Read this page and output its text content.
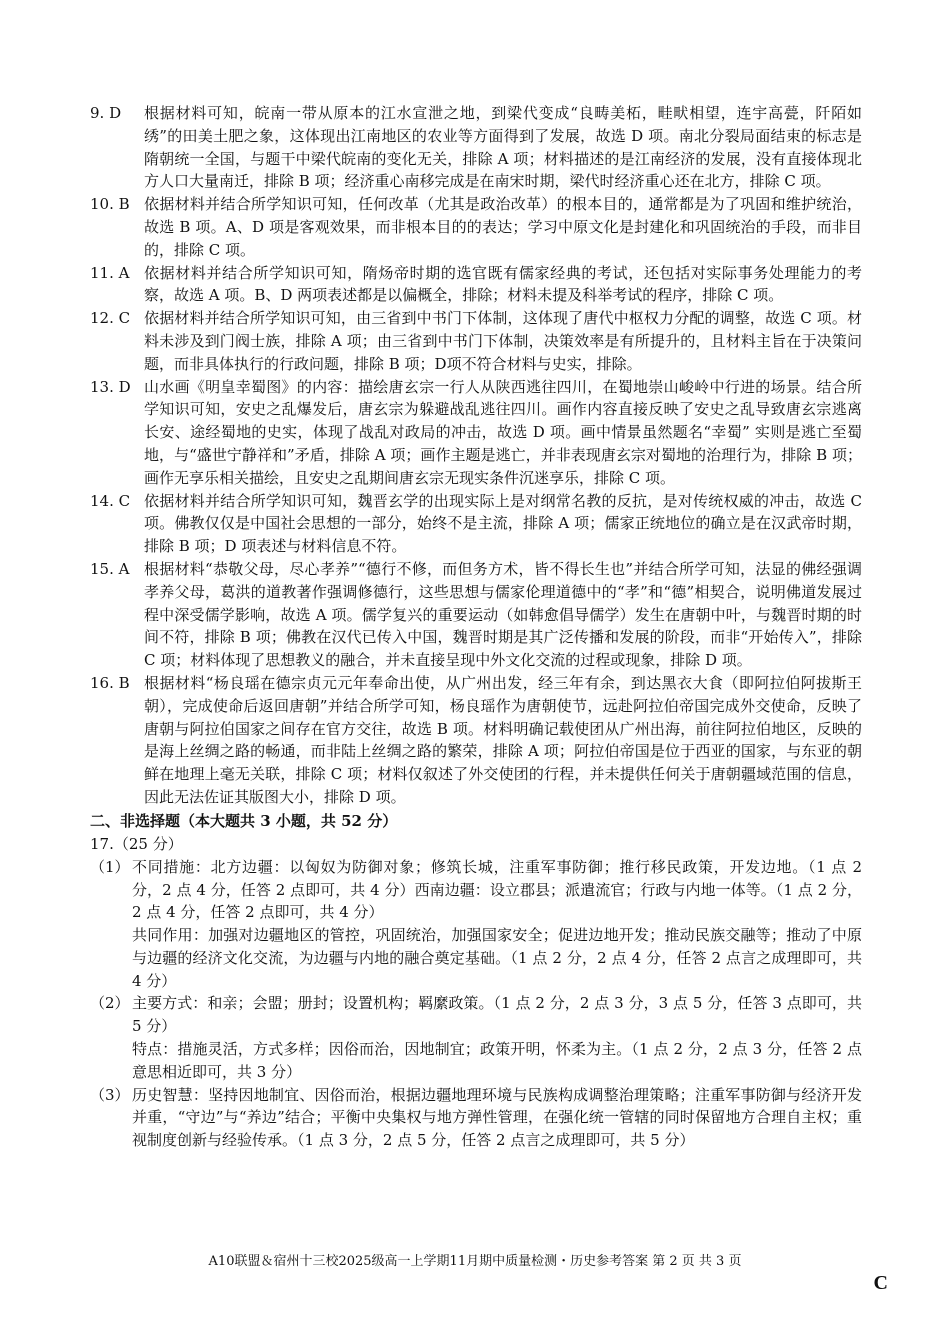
9. D	根据材料可知，皖南一带从原本的江水宣泄之地，到梁代变成“良畴美柘，畦畎相望，连宇高甍，阡陌如绣”的田美土肥之象，这体现出江南地区的农业等方面得到了发展，故选 D 项。南北分裂局面结束的标志是隋朝统一全国，与题干中梁代皖南的变化无关，排除 A 项；材料描述的是江南经济的发展，没有直接体现北方人口大量南迁，排除 B 项；经济重心南移完成是在南宋时期，梁代时经济重心还在北方，排除 C 项。
10. B 依据材料并结合所学知识可知，任何改革（尤其是政治改革）的根本目的，通常都是为了巩固和维护统治，故选 B 项。A、D 项是客观效果，而非根本目的的表达；学习中原文化是封建化和巩固统治的手段，而非目的，排除 C 项。
11. A 依据材料并结合所学知识可知，隋炀帝时期的选官既有儒家经典的考试，还包括对实际事务处理能力的考察，故选 A 项。B、D 两项表述都是以偏概全，排除；材料未提及科举考试的程序，排除 C 项。
12. C 依据材料并结合所学知识可知，由三省到中书门下体制，这体现了唐代中枢权力分配的调整，故选 C 项。材料未涉及到门阀士族，排除 A 项；由三省到中书门下体制，决策效率是有所提升的，且材料主旨在于决策问题，而非具体执行的行政问题，排除 B 项；D项不符合材料与史实，排除。
13. D 山水画《明皇幸蜀图》的内容：描绘唐玄宗一行人从陕西逃往四川，在蜀地崇山峻岭中行进的场景。结合所学知识可知，安史之乱爆发后，唐玄宗为躲避战乱逃往四川。画作内容直接反映了安史之乱导致唐玄宗逃离长安、途经蜀地的史实，体现了战乱对政局的冲击，故选 D 项。画中情景虽然题名“幸蜀” 实则是逃亡至蜀地，与“盛世宁静祥和”矛盾，排除 A 项；画作主题是逃亡，并非表现唐玄宗对蜀地的治理行为，排除 B 项；画作无享乐相关描绘，且安史之乱期间唐玄宗无现实条件沉迷享乐，排除 C 项。
14. C 依据材料并结合所学知识可知，魏晋玄学的出现实际上是对纲常名教的反抗，是对传统权威的冲击，故选 C 项。佛教仅仅是中国社会思想的一部分，始终不是主流，排除 A 项；儒家正统地位的确立是在汉武帝时期，排除 B 项；D 项表述与材料信息不符。
15. A 根据材料“恭敬父母，尽心孝养”“德行不修，而但务方术，皆不得长生也”并结合所学可知，法显的佛经强调孝养父母，葛洪的道教著作强调修德行，这些思想与儒家伦理道德中的“孝”和“德”相契合，说明佛道发展过程中深受儒学影响，故选 A 项。儒学复兴的重要运动（如韩愈倡导儒学）发生在唐朝中叶，与魏晋时期的时间不符，排除 B 项；佛教在汉代已传入中国，魏晋时期是其广泛传播和发展的阶段，而非“开始传入”，排除 C 项；材料体现了思想教义的融合，并未直接呈现中外文化交流的过程或现象，排除 D 项。
16. B 根据材料“杨良瑶在德宗贞元元年奉命出使，从广州出发，经三年有余，到达黑衣大食（即阿拉伯阿拔斯王朝），完成使命后返回唐朝”并结合所学可知，杨良瑶作为唐朝使节，远赴阿拉伯帝国完成外交使命，反映了唐朝与阿拉伯国家之间存在官方交往，故选 B 项。材料明确记载使团从广州出海，前往阿拉伯地区，反映的是海上丝绸之路的畅通，而非陆上丝绸之路的繁荣，排除 A 项；阿拉伯帝国是位于西亚的国家，与东亚的朝鲜在地理上毫无关联，排除 C 项；材料仅叙述了外交使团的行程，并未提供任何关于唐朝疆域范围的信息，因此无法佐证其版图大小，排除 D 项。
二、非选择题（本大题共 3 小题，共 52 分）
17.（25 分）
（1） 不同措施：北方边疆：以匈奴为防御对象；修筑长城，注重军事防御；推行移民政策，开发边地。（1 点 2 分，2 点 4 分，任答 2 点即可，共 4 分）西南边疆：设立郡县；派遣流官；行政与内地一体等。（1 点 2 分，2 点 4 分，任答 2 点即可，共 4 分）

共同作用：加强对边疆地区的管控，巩固统治，加强国家安全；促进边地开发；推动民族交融等；推动了中原与边疆的经济文化交流，为边疆与内地的融合奠定基础。（1 点 2 分，2 点 4 分，任答 2 点言之成理即可，共 4 分）

（2） 主要方式：和亲；会盟；册封；设置机构；羁縻政策。（1 点 2 分，2 点 3 分，3 点 5 分，任答 3 点即可，共 5 分）

特点：措施灵活，方式多样；因俗而治，因地制宜；政策开明，怀柔为主。（1 点 2 分，2 点 3 分，任答 2 点意思相近即可，共 3 分）

（3） 历史智慧：坚持因地制宜、因俗而治，根据边疆地理环境与民族构成调整治理策略；注重军事防御与经济开发并重，“守边”与“养边”结合；平衡中央集权与地方弹性管理，在强化统一管辖的同时保留地方合理自主权；重视制度创新与经验传承。（1 点 3 分，2 点 5 分，任答 2 点言之成理即可，共 5 分）

A10联盟＆宿州十三校2025级高一上学期11月期中质量检测・历史参考答案 第 2 页 共 3 页
C
